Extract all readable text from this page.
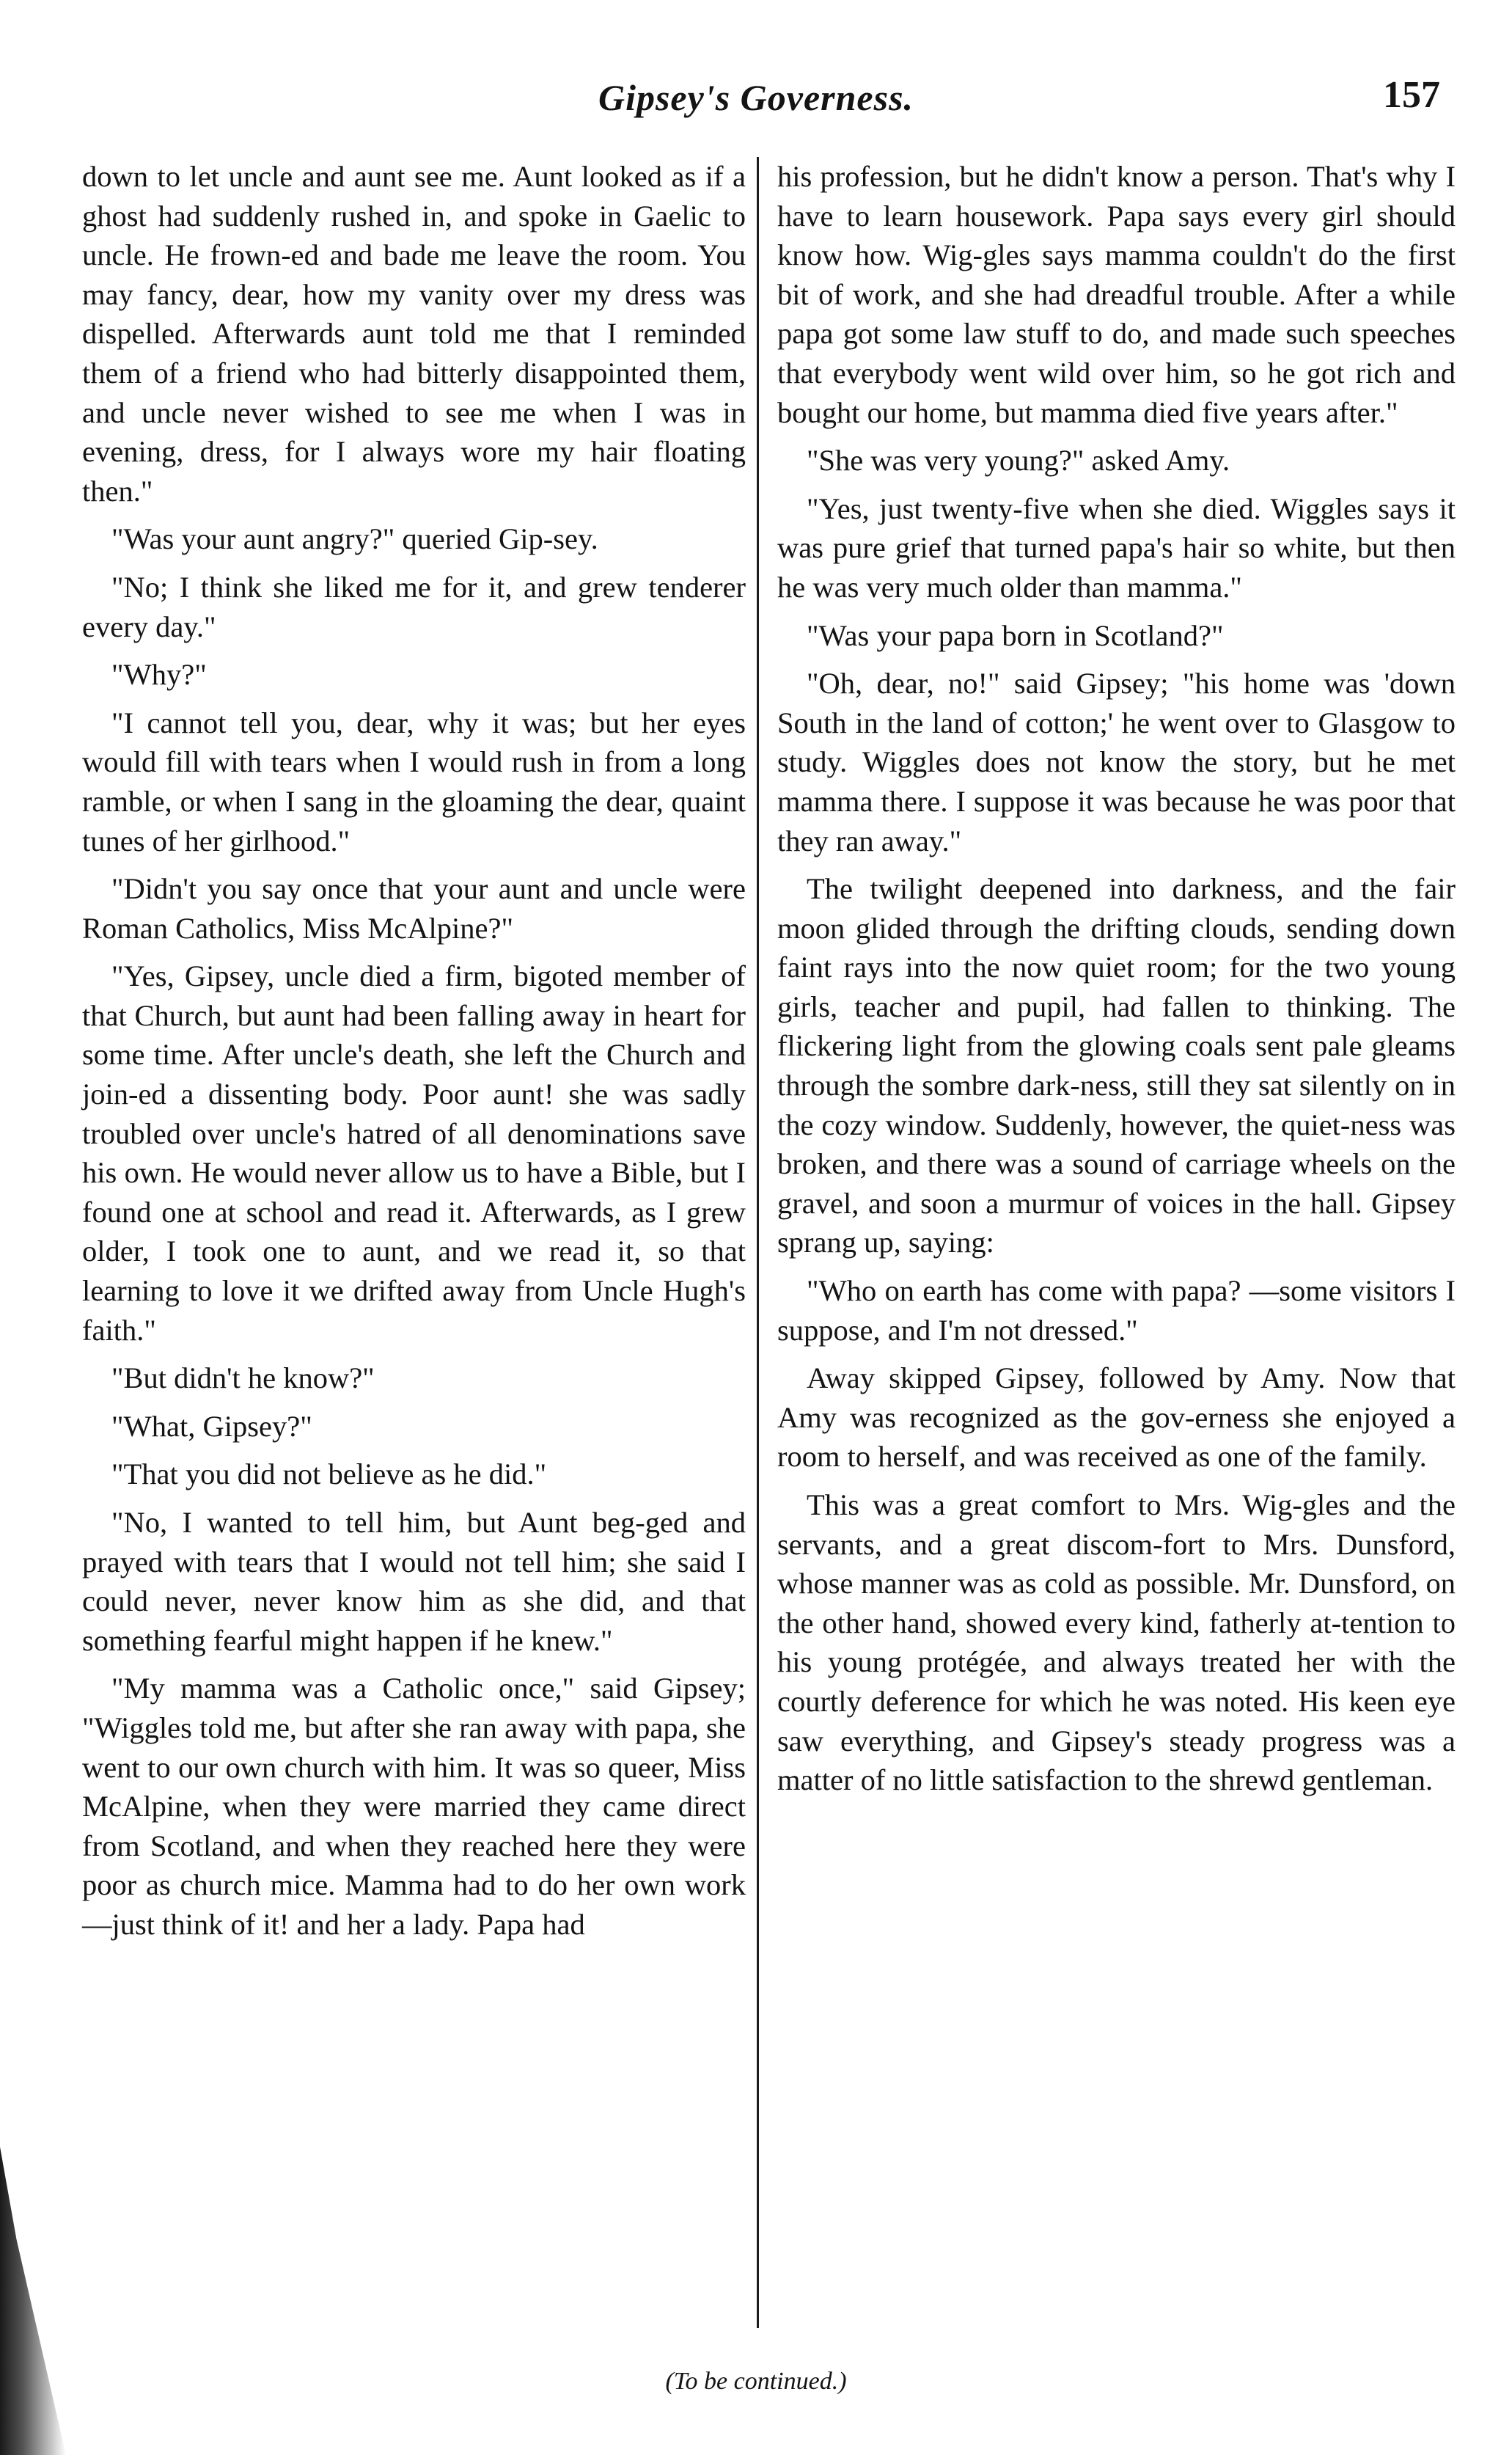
Gipsey's Governess.	157

down to let uncle and aunt see me. Aunt looked as if a ghost had suddenly rushed in, and spoke in Gaelic to uncle. He frown-ed and bade me leave the room. You may fancy, dear, how my vanity over my dress was dispelled. Afterwards aunt told me that I reminded them of a friend who had bitterly disappointed them, and uncle never wished to see me when I was in evening, dress, for I always wore my hair floating then."

"Was your aunt angry?" queried Gip-sey.

"No; I think she liked me for it, and grew tenderer every day."

"Why?"

"I cannot tell you, dear, why it was; but her eyes would fill with tears when I would rush in from a long ramble, or when I sang in the gloaming the dear, quaint tunes of her girlhood."

"Didn't you say once that your aunt and uncle were Roman Catholics, Miss McAlpine?"

"Yes, Gipsey, uncle died a firm, bigoted member of that Church, but aunt had been falling away in heart for some time. After uncle's death, she left the Church and join-ed a dissenting body. Poor aunt! she was sadly troubled over uncle's hatred of all denominations save his own. He would never allow us to have a Bible, but I found one at school and read it. Afterwards, as I grew older, I took one to aunt, and we read it, so that learning to love it we drifted away from Uncle Hugh's faith."

"But didn't he know?"

"What, Gipsey?"

"That you did not believe as he did."

"No, I wanted to tell him, but Aunt beg-ged and prayed with tears that I would not tell him; she said I could never, never know him as she did, and that something fearful might happen if he knew."

"My mamma was a Catholic once," said Gipsey; "Wiggles told me, but after she ran away with papa, she went to our own church with him. It was so queer, Miss McAlpine, when they were married they came direct from Scotland, and when they reached here they were poor as church mice. Mamma had to do her own work—just think of it! and her a lady. Papa had

his profession, but he didn't know a person. That's why I have to learn housework. Papa says every girl should know how. Wig-gles says mamma couldn't do the first bit of work, and she had dreadful trouble. After a while papa got some law stuff to do, and made such speeches that everybody went wild over him, so he got rich and bought our home, but mamma died five years after."

"She was very young?" asked Amy.

"Yes, just twenty-five when she died. Wiggles says it was pure grief that turned papa's hair so white, but then he was very much older than mamma."

"Was your papa born in Scotland?"

"Oh, dear, no!" said Gipsey; "his home was 'down South in the land of cotton;' he went over to Glasgow to study. Wiggles does not know the story, but he met mamma there. I suppose it was because he was poor that they ran away."

The twilight deepened into darkness, and the fair moon glided through the drifting clouds, sending down faint rays into the now quiet room; for the two young girls, teacher and pupil, had fallen to thinking. The flickering light from the glowing coals sent pale gleams through the sombre dark-ness, still they sat silently on in the cozy window. Suddenly, however, the quiet-ness was broken, and there was a sound of carriage wheels on the gravel, and soon a murmur of voices in the hall. Gipsey sprang up, saying:

"Who on earth has come with papa? —some visitors I suppose, and I'm not dressed."

Away skipped Gipsey, followed by Amy. Now that Amy was recognized as the gov-erness she enjoyed a room to herself, and was received as one of the family.

This was a great comfort to Mrs. Wig-gles and the servants, and a great discom-fort to Mrs. Dunsford, whose manner was as cold as possible. Mr. Dunsford, on the other hand, showed every kind, fatherly at-tention to his young protégée, and always treated her with the courtly deference for which he was noted. His keen eye saw everything, and Gipsey's steady progress was a matter of no little satisfaction to the shrewd gentleman.

(To be continued.)
